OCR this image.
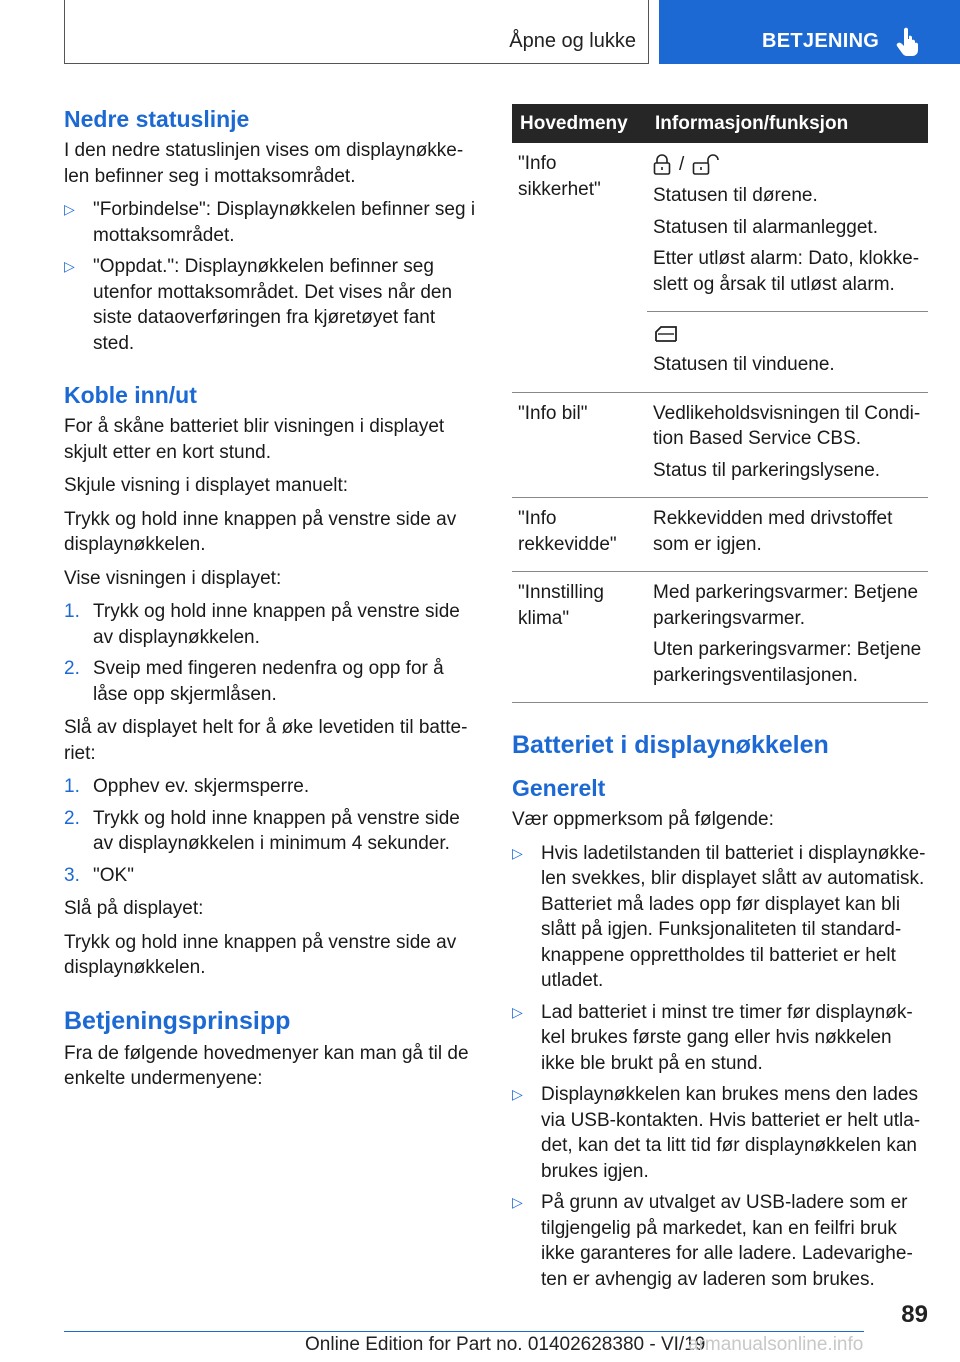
Åpne og lukke	BETJENING
Nedre statuslinje

I den nedre statuslinjen vises om displaynøkkelen befinner seg i mottaksområdet.

▷ "Forbindelse": Displaynøkkelen befinner seg i mottaksområdet.
▷ "Oppdat.": Displaynøkkelen befinner seg utenfor mottaksområdet. Det vises når den siste dataoverføringen fra kjøretøyet fant sted.
Koble inn/ut

For å skåne batteriet blir visningen i displayet skjult etter en kort stund.

Skjule visning i displayet manuelt:

Trykk og hold inne knappen på venstre side av displaynøkkelen.

Vise visningen i displayet:

1. Trykk og hold inne knappen på venstre side av displaynøkkelen.
2. Sveip med fingeren nedenfra og opp for å låse opp skjermlåsen.

Slå av displayet helt for å øke levetiden til batteriet:

1. Opphev ev. skjermsperre.
2. Trykk og hold inne knappen på venstre side av displaynøkkelen i minimum 4 sekunder.
3. "OK"

Slå på displayet:

Trykk og hold inne knappen på venstre side av displaynøkkelen.

Betjeningsprinsipp

Fra de følgende hovedmenyer kan man gå til de enkelte undermenyene:

Hovedmeny	Informasjon/funksjon
"Info sikkerhet"	/

Statusen til dørene.

Statusen til alarmanlegget.

Etter utløst alarm: Dato, klokkeslett og årsak til utløst alarm.

	Statusen til vinduene.

"Info bil"	Vedlikeholdsvisningen til Condition Based Service CBS.

Status til parkeringslysene.

"Info rekkevidde"	Rekkevidden med drivstoffet som er igjen.

"Innstilling klima"	Med parkeringsvarmer: Betjene parkeringsvarmer.

Uten parkeringsvarmer: Betjene parkeringsventilasjonen.

Batteriet i displaynøkkelen
Generelt

Vær oppmerksom på følgende:

▷ Hvis ladetilstanden til batteriet i displaynøkkelen svekkes, blir displayet slått av automatisk. Batteriet må lades opp før displayet kan bli slått på igjen. Funksjonaliteten til standardknappene opprettholdes til batteriet er helt utladet.
▷ Lad batteriet i minst tre timer før displaynøkkel brukes første gang eller hvis nøkkelen ikke ble brukt på en stund.
▷ Displaynøkkelen kan brukes mens den lades via USB-kontakten. Hvis batteriet er helt utladet, kan det ta litt tid før displaynøkkelen kan brukes igjen.
▷ På grunn av utvalget av USB-ladere som er tilgjengelig på markedet, kan en feilfri bruk ikke garanteres for alle ladere. Ladevarigheten er avhengig av laderen som brukes.
89
Online Edition for Part no. 01402628380 - VI/19
armanualsonline.info
